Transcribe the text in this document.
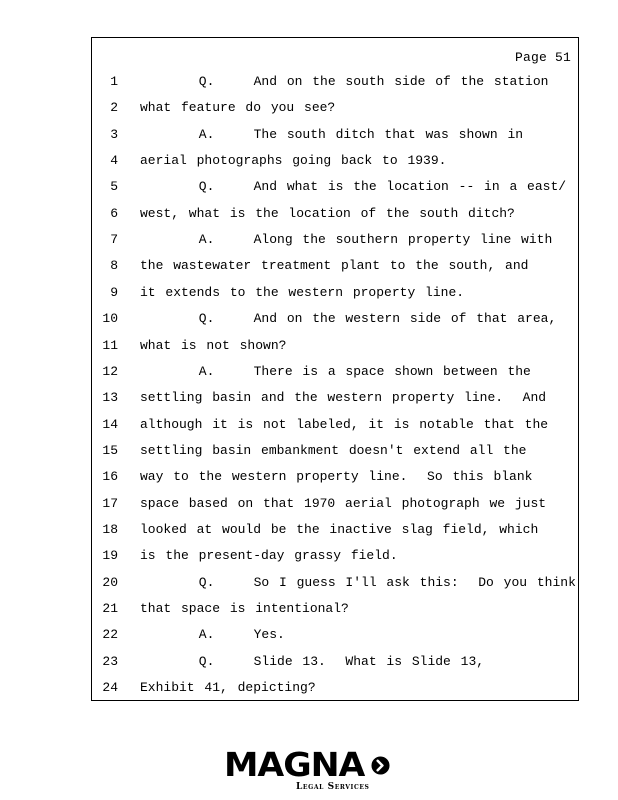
Page 51
1 Q.    And on the south side of the station
2 what feature do you see?
3 A.    The south ditch that was shown in
4 aerial photographs going back to 1939.
5 Q.    And what is the location -- in a east/
6 west, what is the location of the south ditch?
7 A.    Along the southern property line with
8 the wastewater treatment plant to the south, and
9 it extends to the western property line.
10 Q.    And on the western side of that area,
11 what is not shown?
12 A.    There is a space shown between the
13 settling basin and the western property line.  And
14 although it is not labeled, it is notable that the
15 settling basin embankment doesn't extend all the
16 way to the western property line.  So this blank
17 space based on that 1970 aerial photograph we just
18 looked at would be the inactive slag field, which
19 is the present-day grassy field.
20 Q.    So I guess I'll ask this:  Do you think
21 that space is intentional?
22 A.    Yes.
23 Q.    Slide 13.  What is Slide 13,
24 Exhibit 41, depicting?
MAGNA
Legal Services
